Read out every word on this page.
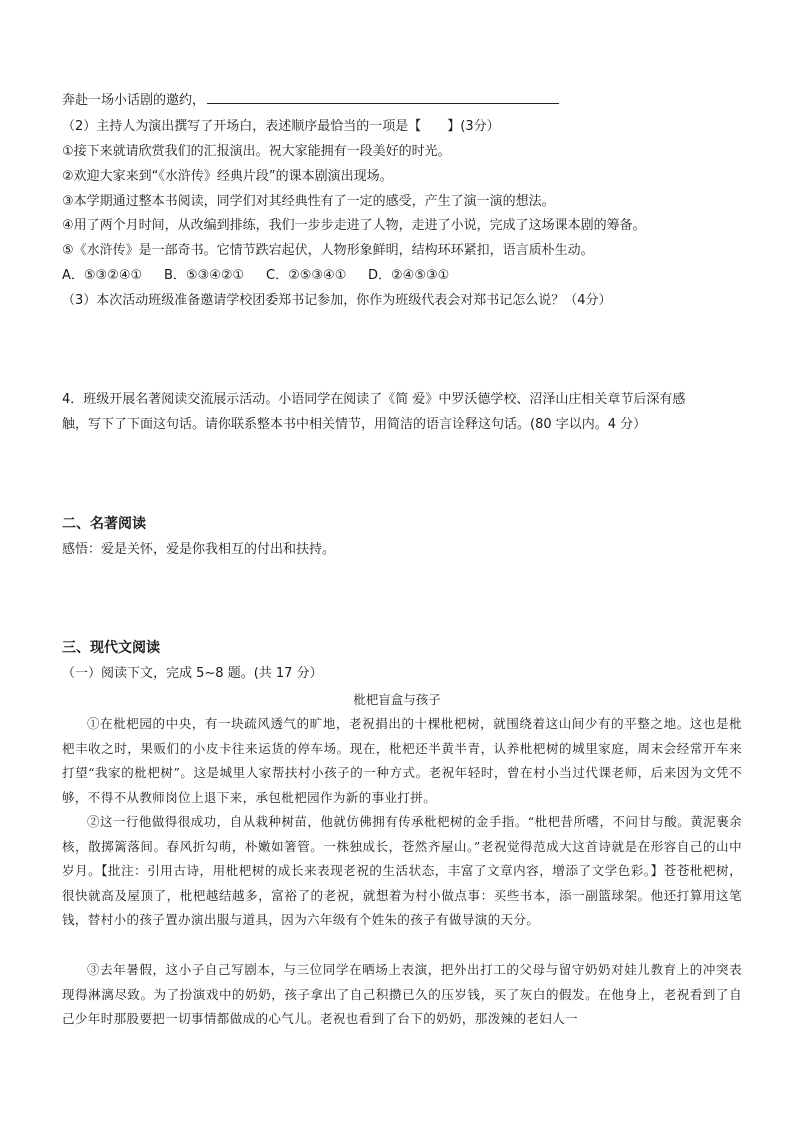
奔赴一场小话剧的邀约，
（2）主持人为演出撰写了开场白，表述顺序最恰当的一项是【　　】(3分）
①接下来就请欣赏我们的汇报演出。祝大家能拥有一段美好的时光。
②欢迎大家来到“《水浒传》经典片段”的课本剧演出现场。
③本学期通过整本书阅读，同学们对其经典性有了一定的感受，产生了演一演的想法。
④用了两个月时间，从改编到排练，我们一步步走进了人物，走进了小说，完成了这场课本剧的筹备。
⑤《水浒传》是一部奇书。它情节跌宕起伏，人物形象鲜明，结构环环紧扣，语言质朴生动。
A．⑤③②④① B．⑤③④②① C．②⑤③④① D．②④⑤③①
（3）本次活动班级准备邀请学校团委郑书记参加，你作为班级代表会对郑书记怎么说？（4分）
4．班级开展名著阅读交流展示活动。小语同学在阅读了《简 爱》中罗沃德学校、沼泽山庄相关章节后深有感
触，写下了下面这句话。请你联系整本书中相关情节，用简洁的语言诠释这句话。(80 字以内。4 分）
二、名著阅读
感悟：爱是关怀，爱是你我相互的付出和扶持。
三、现代文阅读
（一）阅读下文，完成 5~8 题。(共 17 分）
枇杷盲盒与孩子
①在枇杷园的中央，有一块疏风透气的旷地，老祝捐出的十棵枇杷树，就围绕着这山间少有的平整之地。这也是枇杷丰收之时，果贩们的小皮卡往来运货的停车场。现在，枇杷还半黄半青，认养枇杷树的城里家庭，周末会经常开车来打望“我家的枇杷树”。这是城里人家帮扶村小孩子的一种方式。老祝年轻时，曾在村小当过代课老师，后来因为文凭不够，不得不从教师岗位上退下来，承包枇杷园作为新的事业打拼。
②这一行他做得很成功，自从栽种树苗，他就仿佛拥有传承枇杷树的金手指。“枇杷昔所嗜，不问甘与酸。黄泥裹余核，散掷篱落间。春风折勾萌，朴嫩如箸管。一株独成长，苍然齐屋山。”老祝觉得范成大这首诗就是在形容自己的山中岁月。【批注：引用古诗，用枇杷树的成长来表现老祝的生活状态，丰富了文章内容，增添了文学色彩。】苍苍枇杷树，很快就高及屋顶了，枇杷越结越多，富裕了的老祝，就想着为村小做点事：买些书本，添一副篮球架。他还打算用这笔钱，替村小的孩子置办演出服与道具，因为六年级有个姓朱的孩子有做导演的天分。
③去年暑假，这小子自己写剧本，与三位同学在晒场上表演，把外出打工的父母与留守奶奶对娃儿教育上的冲突表现得淋漓尽致。为了扮演戏中的奶奶，孩子拿出了自己积攒已久的压岁钱，买了灰白的假发。在他身上，老祝看到了自己少年时那股要把一切事情都做成的心气儿。老祝也看到了台下的奶奶，那泼辣的老妇人一
